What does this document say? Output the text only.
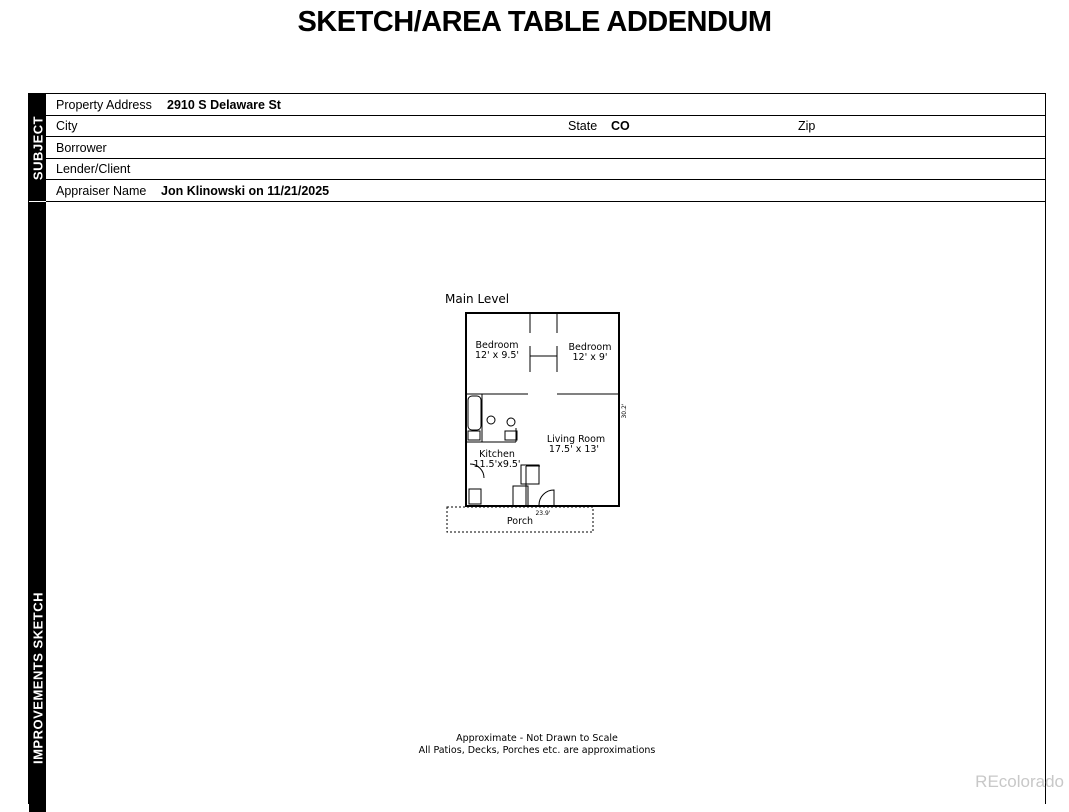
SKETCH/AREA TABLE ADDENDUM
SUBJECT
Property Address 2910 S Delaware St
City	State CO	Zip
Borrower
Lender/Client
Appraiser Name Jon Klinowski on 11/21/2025
IMPROVEMENTS SKETCH
Main Level
Bedroom
12' x 9.5'
Bedroom
12' x 9'
Living Room
17.5' x 13'
Kitchen
11.5'x9.5'
Porch
23.9'
30.2'
Approximate - Not Drawn to Scale
All Patios, Decks, Porches etc. are approximations
REcolorado
